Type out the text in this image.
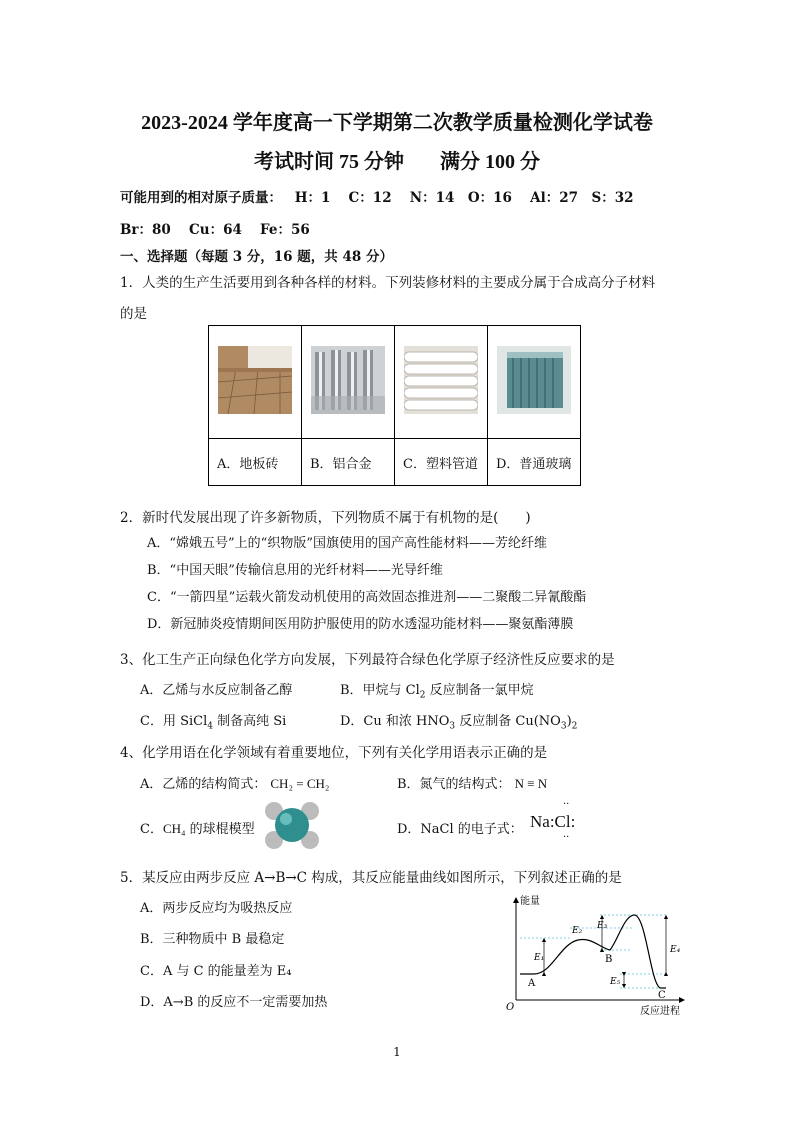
2023-2024 学年度高一下学期第二次教学质量检测化学试卷
考试时间 75 分钟 满分 100 分
可能用到的相对原子质量： H：1　 C：12　 N：14　O：16　 Al：27　S：32
Br：80　 Cu：64　 Fe：56
一、选择题（每题 3 分，16 题，共 48 分）
1．人类的生产生活要用到各种各样的材料。下列装修材料的主要成分属于合成高分子材料
的是

A．地板砖	B．铝合金	C．塑料管道	D．普通玻璃
2．新时代发展出现了许多新物质，下列物质不属于有机物的是(　　)
A．“嫦娥五号”上的“织物版”国旗使用的国产高性能材料——芳纶纤维
B．“中国天眼”传输信息用的光纤材料——光导纤维
C．“一箭四星”运载火箭发动机使用的高效固态推进剂——二聚酸二异氰酸酯
D．新冠肺炎疫情期间医用防护服使用的防水透湿功能材料——聚氨酯薄膜
3、化工生产正向绿色化学方向发展，下列最符合绿色化学原子经济性反应要求的是
A．乙烯与水反应制备乙醇	B．甲烷与 $Cl_2$ 反应制备一氯甲烷
C．用 SiCl$_4$ 制备高纯 Si	D．Cu 和浓 $HNO_3$ 反应制备 $Cu(NO_3)_2$
4、化学用语在化学领域有着重要地位，下列有关化学用语表示正确的是
A．乙烯的结构简式： CH₂ = CH₂	B．氮气的结构式： N ≡ N
C．CH₄ 的球棍模型	D．NaCl 的电子式： Na:Cl:
··
··
5．某反应由两步反应 A→B→C 构成，其反应能量曲线如图所示，下列叙述正确的是
A．两步反应均为吸热反应
B．三种物质中 B 最稳定
C．A 与 C 的能量差为 E₄
D．A→B 的反应不一定需要加热
能量
反应进程
O
E₁
E₂ E₃
E₄
E₅
A
B
C
1
